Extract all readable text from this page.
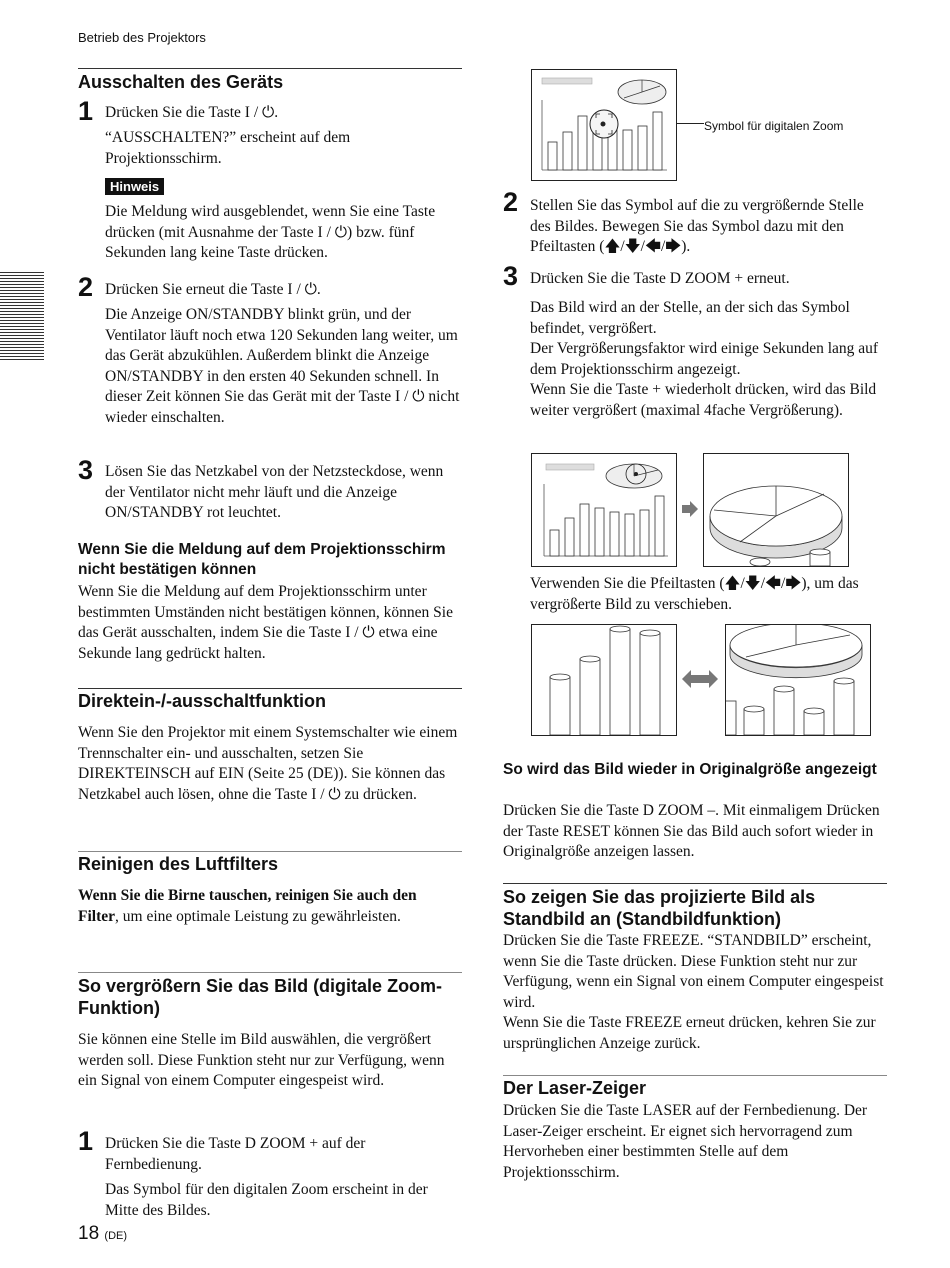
Betrieb des Projektors
Ausschalten des Geräts
1 Drücken Sie die Taste I / ⏻.

“AUSSCHALTEN?” erscheint auf dem Projektionsschirm.

Hinweis

Die Meldung wird ausgeblendet, wenn Sie eine Taste drücken (mit Ausnahme der Taste I / ⏻) bzw. fünf Sekunden lang keine Taste drücken.

2 Drücken Sie erneut die Taste I / ⏻.

Die Anzeige ON/STANDBY blinkt grün, und der Ventilator läuft noch etwa 120 Sekunden lang weiter, um das Gerät abzukühlen. Außerdem blinkt die Anzeige ON/STANDBY in den ersten 40 Sekunden schnell. In dieser Zeit können Sie das Gerät mit der Taste I / ⏻ nicht wieder einschalten.

3 Lösen Sie das Netzkabel von der Netzsteckdose, wenn der Ventilator nicht mehr läuft und die Anzeige ON/STANDBY rot leuchtet.

Wenn Sie die Meldung auf dem Projektionsschirm nicht bestätigen können

Wenn Sie die Meldung auf dem Projektionsschirm unter bestimmten Umständen nicht bestätigen können, können Sie das Gerät ausschalten, indem Sie die Taste I / ⏻ etwa eine Sekunde lang gedrückt halten.

Direktein-/-ausschaltfunktion

Wenn Sie den Projektor mit einem Systemschalter wie einem Trennschalter ein- und ausschalten, setzen Sie DIREKTEINSCH auf EIN (Seite 25 (DE)). Sie können das Netzkabel auch lösen, ohne die Taste I / ⏻ zu drücken.

Reinigen des Luftfilters

Wenn Sie die Birne tauschen, reinigen Sie auch den Filter, um eine optimale Leistung zu gewährleisten.

So vergrößern Sie das Bild (digitale Zoom-Funktion)

Sie können eine Stelle im Bild auswählen, die vergrößert werden soll. Diese Funktion steht nur zur Verfügung, wenn ein Signal von einem Computer eingespeist wird.

1 Drücken Sie die Taste D ZOOM + auf der Fernbedienung.

Das Symbol für den digitalen Zoom erscheint in der Mitte des Bildes.

18 (DE)
Symbol für digitalen Zoom
2 Stellen Sie das Symbol auf die zu vergrößernde Stelle des Bildes. Bewegen Sie das Symbol dazu mit den Pfeiltasten (🡅/🡇/🡄/🡆).

3 Drücken Sie die Taste D ZOOM + erneut.

Das Bild wird an der Stelle, an der sich das Symbol befindet, vergrößert.
Der Vergrößerungsfaktor wird einige Sekunden lang auf dem Projektionsschirm angezeigt.
Wenn Sie die Taste + wiederholt drücken, wird das Bild weiter vergrößert (maximal 4fache Vergrößerung).

Verwenden Sie die Pfeiltasten (🡅/🡇/🡄/🡆), um das vergrößerte Bild zu verschieben.

So wird das Bild wieder in Originalgröße angezeigt

Drücken Sie die Taste D ZOOM –. Mit einmaligem Drücken der Taste RESET können Sie das Bild auch sofort wieder in Originalgröße anzeigen lassen.

So zeigen Sie das projizierte Bild als Standbild an (Standbildfunktion)

Drücken Sie die Taste FREEZE. “STANDBILD” erscheint, wenn Sie die Taste drücken. Diese Funktion steht nur zur Verfügung, wenn ein Signal von einem Computer eingespeist wird.
Wenn Sie die Taste FREEZE erneut drücken, kehren Sie zur ursprünglichen Anzeige zurück.

Der Laser-Zeiger

Drücken Sie die Taste LASER auf der Fernbedienung. Der Laser-Zeiger erscheint. Er eignet sich hervorragend zum Hervorheben einer bestimmten Stelle auf dem Projektionsschirm.
